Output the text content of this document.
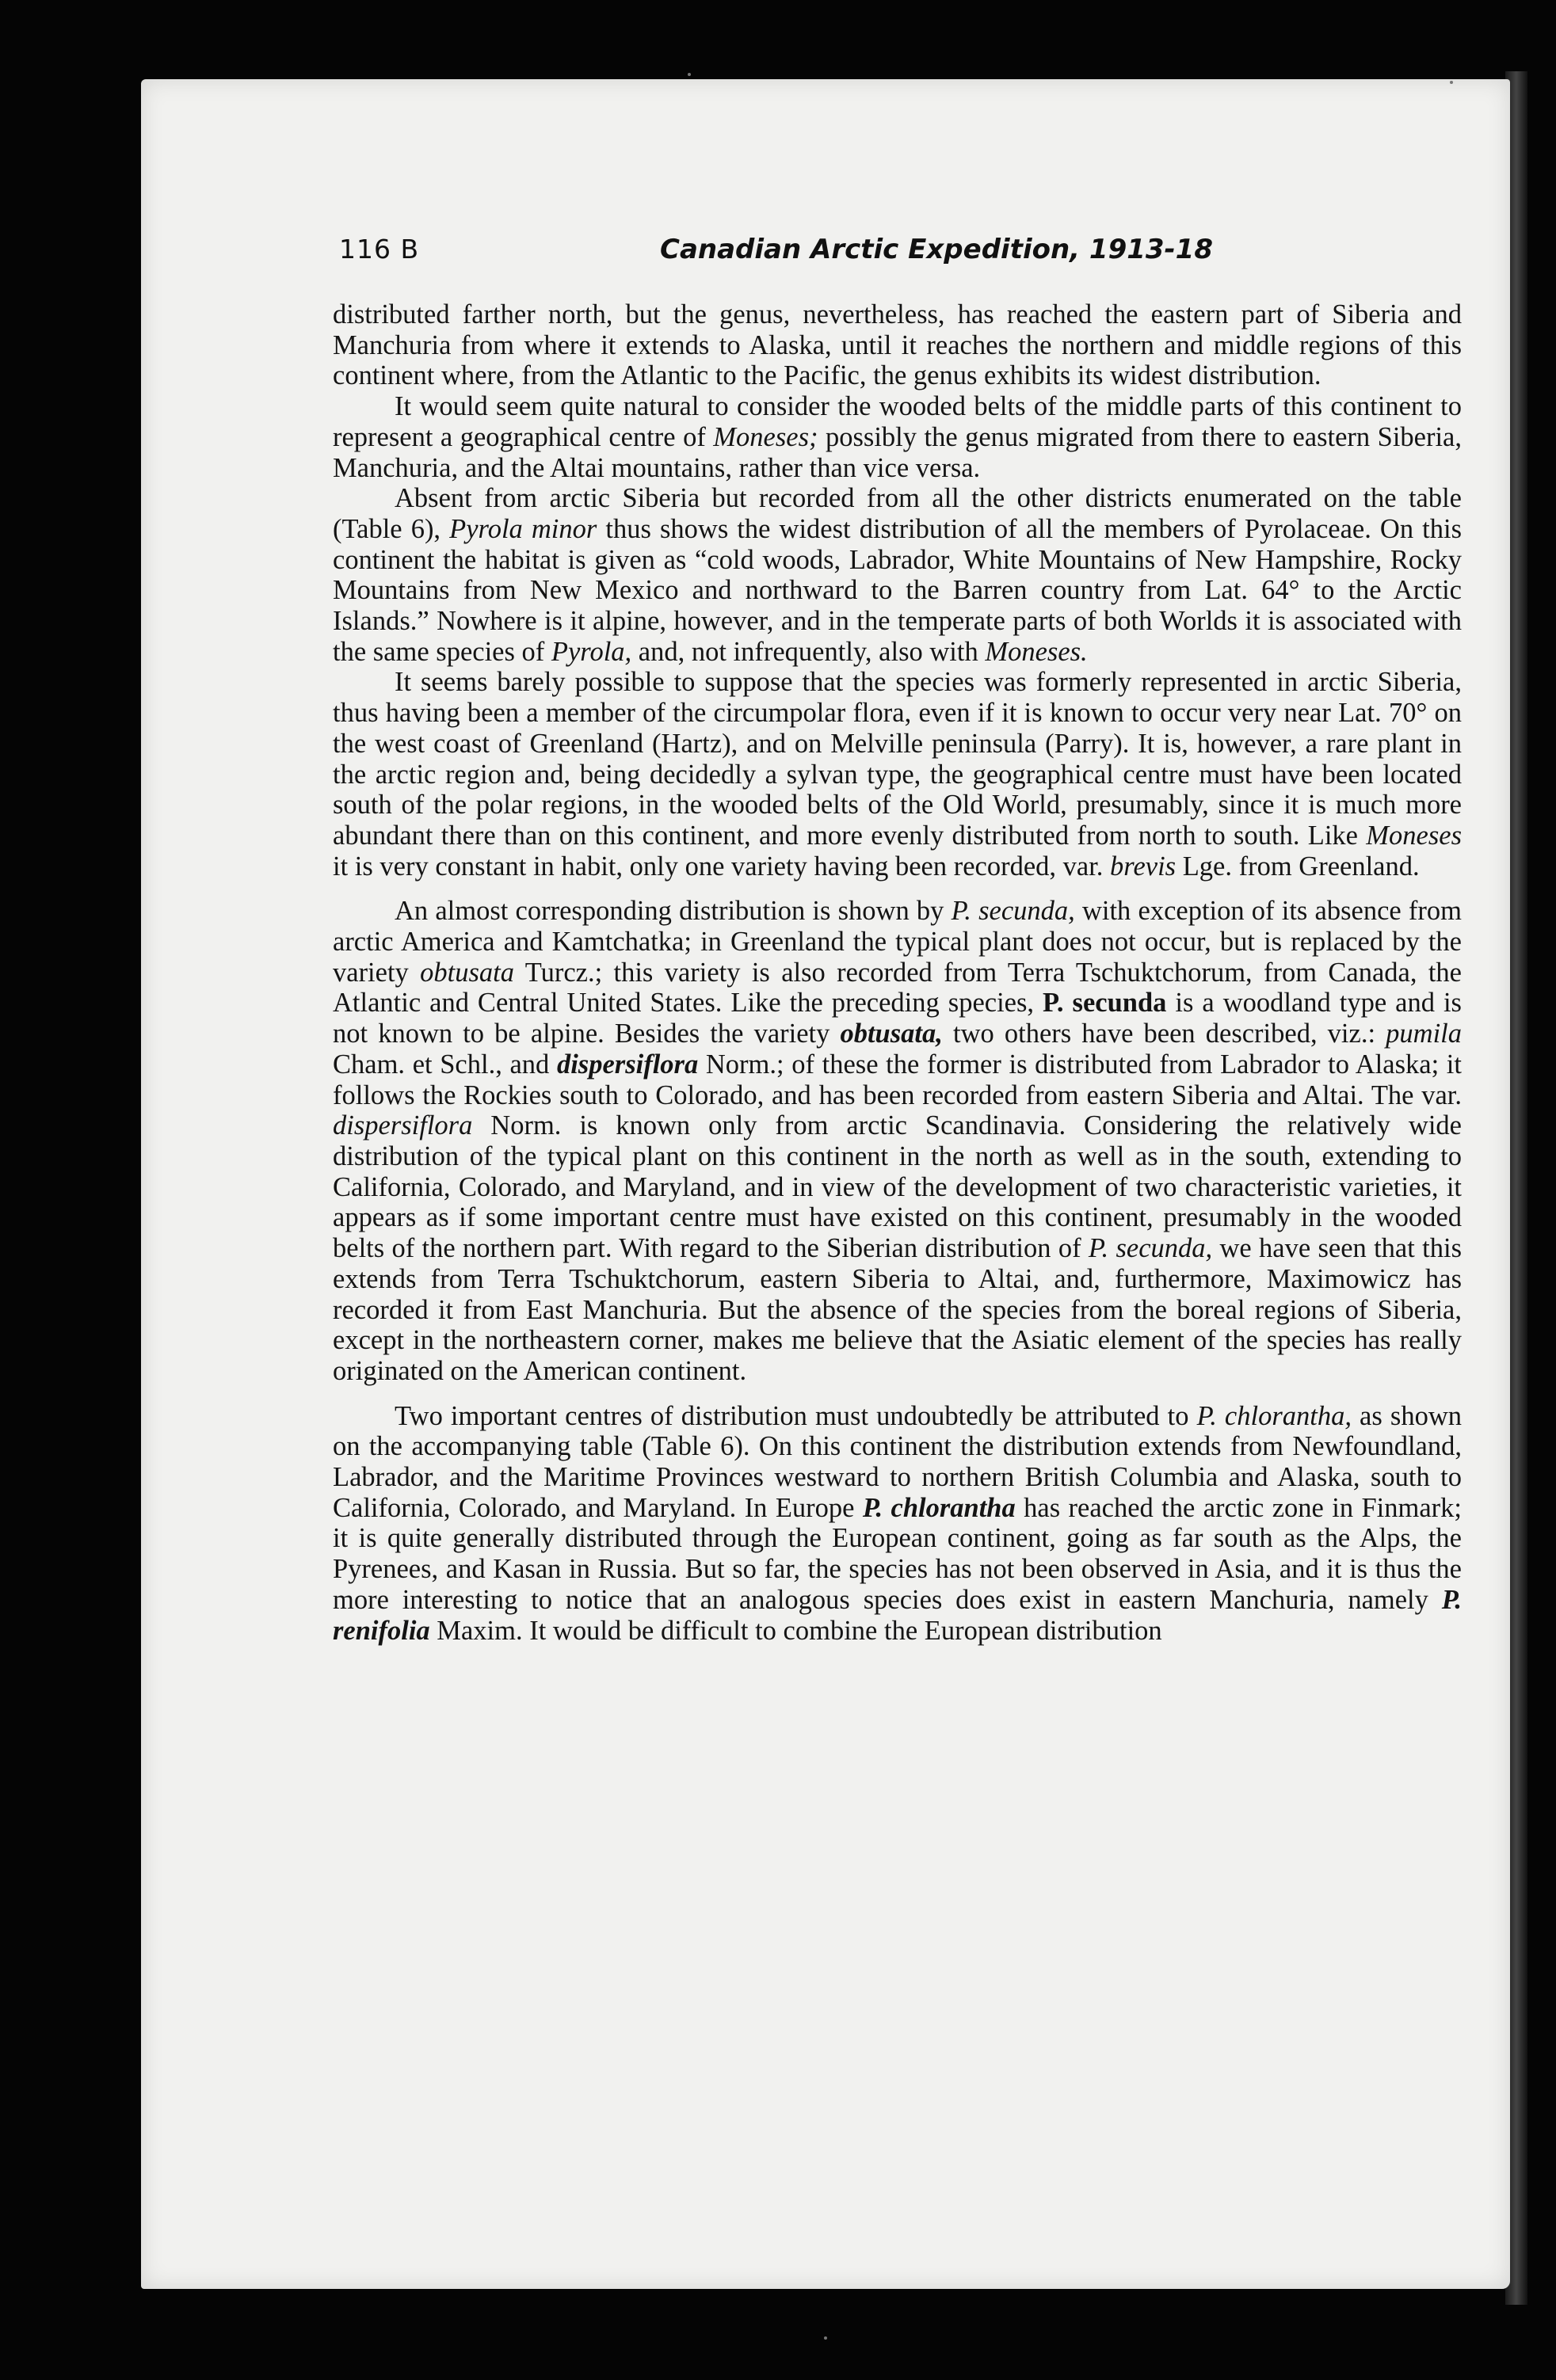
116 B	Canadian Arctic Expedition, 1913-18

distributed farther north, but the genus, nevertheless, has reached the eastern part of Siberia and Manchuria from where it extends to Alaska, until it reaches the northern and middle regions of this continent where, from the Atlantic to the Pacific, the genus exhibits its widest distribution.

It would seem quite natural to consider the wooded belts of the middle parts of this continent to represent a geographical centre of Moneses; possibly the genus migrated from there to eastern Siberia, Manchuria, and the Altai mountains, rather than vice versa.

Absent from arctic Siberia but recorded from all the other districts enumerated on the table (Table 6), Pyrola minor thus shows the widest distribution of all the members of Pyrolaceae. On this continent the habitat is given as “cold woods, Labrador, White Mountains of New Hampshire, Rocky Mountains from New Mexico and northward to the Barren country from Lat. 64° to the Arctic Islands.” Nowhere is it alpine, however, and in the temperate parts of both Worlds it is associated with the same species of Pyrola, and, not infrequently, also with Moneses.

It seems barely possible to suppose that the species was formerly represented in arctic Siberia, thus having been a member of the circumpolar flora, even if it is known to occur very near Lat. 70° on the west coast of Greenland (Hartz), and on Melville peninsula (Parry). It is, however, a rare plant in the arctic region and, being decidedly a sylvan type, the geographical centre must have been located south of the polar regions, in the wooded belts of the Old World, presumably, since it is much more abundant there than on this continent, and more evenly distributed from north to south. Like Moneses it is very constant in habit, only one variety having been recorded, var. brevis Lge. from Greenland.

An almost corresponding distribution is shown by P. secunda, with exception of its absence from arctic America and Kamtchatka; in Greenland the typical plant does not occur, but is replaced by the variety obtusata Turcz.; this variety is also recorded from Terra Tschuktchorum, from Canada, the Atlantic and Central United States. Like the preceding species, P. secunda is a woodland type and is not known to be alpine. Besides the variety obtusata, two others have been described, viz.: pumila Cham. et Schl., and dispersiflora Norm.; of these the former is distributed from Labrador to Alaska; it follows the Rockies south to Colorado, and has been recorded from eastern Siberia and Altai. The var. dispersiflora Norm. is known only from arctic Scandinavia. Considering the relatively wide distribution of the typical plant on this continent in the north as well as in the south, extending to California, Colorado, and Maryland, and in view of the development of two characteristic varieties, it appears as if some important centre must have existed on this continent, presumably in the wooded belts of the northern part. With regard to the Siberian distribution of P. secunda, we have seen that this extends from Terra Tschuktchorum, eastern Siberia to Altai, and, furthermore, Maximowicz has recorded it from East Manchuria. But the absence of the species from the boreal regions of Siberia, except in the northeastern corner, makes me believe that the Asiatic element of the species has really originated on the American continent.

Two important centres of distribution must undoubtedly be attributed to P. chlorantha, as shown on the accompanying table (Table 6). On this continent the distribution extends from Newfoundland, Labrador, and the Maritime Provinces westward to northern British Columbia and Alaska, south to California, Colorado, and Maryland. In Europe P. chlorantha has reached the arctic zone in Finmark; it is quite generally distributed through the European continent, going as far south as the Alps, the Pyrenees, and Kasan in Russia. But so far, the species has not been observed in Asia, and it is thus the more interesting to notice that an analogous species does exist in eastern Manchuria, namely P. renifolia Maxim. It would be difficult to combine the European distribution
